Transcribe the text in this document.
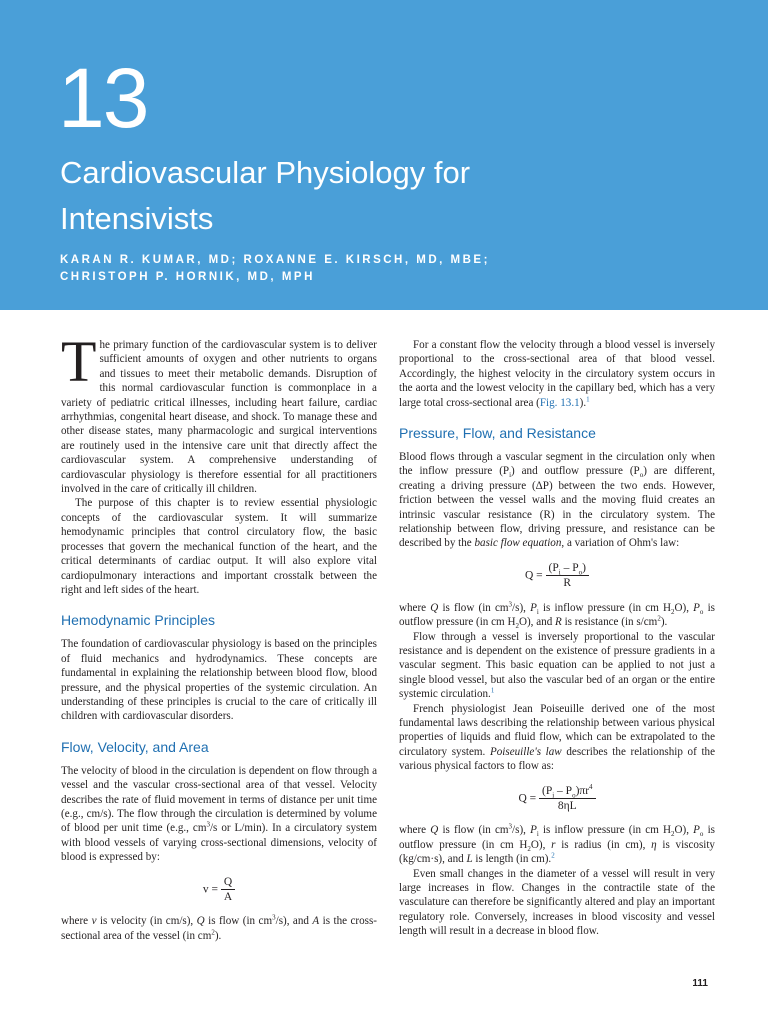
13
Cardiovascular Physiology for
Intensivists
KARAN R. KUMAR, MD; ROXANNE E. KIRSCH, MD, MBE;
CHRISTOPH P. HORNIK, MD, MPH

The primary function of the cardiovascular system is to deliver sufficient amounts of oxygen and other nutrients to organs and tissues to meet their metabolic demands. Disruption of this normal cardiovascular function is commonplace in a variety of pediatric critical illnesses, including heart failure, cardiac arrhythmias, congenital heart disease, and shock. To manage these and other disease states, many pharmacologic and surgical interventions are routinely used in the intensive care unit that directly affect the cardiovascular system. A comprehensive understanding of cardiovascular physiology is therefore essential for all practitioners involved in the care of critically ill children.

The purpose of this chapter is to review essential physiologic concepts of the cardiovascular system. It will summarize hemodynamic principles that control circulatory flow, the basic processes that govern the mechanical function of the heart, and the critical determinants of cardiac output. It will also explore vital cardiopulmonary interactions and important crosstalk between the right and left sides of the heart.

Hemodynamic Principles

The foundation of cardiovascular physiology is based on the principles of fluid mechanics and hydrodynamics. These concepts are fundamental in explaining the relationship between blood flow, blood pressure, and the physical properties of the systemic circulation. An understanding of these principles is crucial to the care of critically ill children with cardiovascular disorders.

Flow, Velocity, and Area

The velocity of blood in the circulation is dependent on flow through a vessel and the vascular cross-sectional area of that vessel. Velocity describes the rate of fluid movement in terms of distance per unit time (e.g., cm/s). The flow through the circulation is determined by volume of blood per unit time (e.g., $cm^3/s$ or L/min). In a circulatory system with blood vessels of varying cross-sectional dimensions, velocity of blood is expressed by:

$v = \frac{Q}{A}$

where v is velocity (in cm/s), Q is flow (in $cm^3/s$), and A is the cross-sectional area of the vessel (in $cm^2$).

For a constant flow the velocity through a blood vessel is inversely proportional to the cross-sectional area of that blood vessel. Accordingly, the highest velocity in the circulatory system occurs in the aorta and the lowest velocity in the capillary bed, which has a very large total cross-sectional area (Fig. 13.1).$^1$

Pressure, Flow, and Resistance

Blood flows through a vascular segment in the circulation only when the inflow pressure $(P_i)$ and outflow pressure $(P_o)$ are different, creating a driving pressure (ΔP) between the two ends. However, friction between the vessel walls and the moving fluid creates an intrinsic vascular resistance (R) in the circulatory system. The relationship between flow, driving pressure, and resistance can be described by the basic flow equation, a variation of Ohm's law:

$Q = \frac{(P_i - P_o)}{R}$

where Q is flow (in $cm^3/s$), $P_i$ is inflow pressure (in cm $H_2O$), $P_o$ is outflow pressure (in cm $H_2O$), and R is resistance (in $s/cm^2$).

Flow through a vessel is inversely proportional to the vascular resistance and is dependent on the existence of pressure gradients in a vascular segment. This basic equation can be applied to not just a single blood vessel, but also the vascular bed of an organ or the entire systemic circulation.$^1$

French physiologist Jean Poiseuille derived one of the most fundamental laws describing the relationship between various physical properties of liquids and fluid flow, which can be extrapolated to the circulatory system. Poiseuille's law describes the relationship of the various physical factors to flow as:

$Q = \frac{(P_i - P_o)\pi r^4}{8\eta L}$

where Q is flow (in $cm^3/s$), $P_i$ is inflow pressure (in cm $H_2O$), $P_o$ is outflow pressure (in cm $H_2O$), r is radius (in cm), η is viscosity (kg/cm·s), and L is length (in cm).$^2$

Even small changes in the diameter of a vessel will result in very large increases in flow. Changes in the contractile state of the vasculature can therefore be significantly altered and play an important regulatory role. Conversely, increases in blood viscosity and vessel length will result in a decrease in blood flow.

111
